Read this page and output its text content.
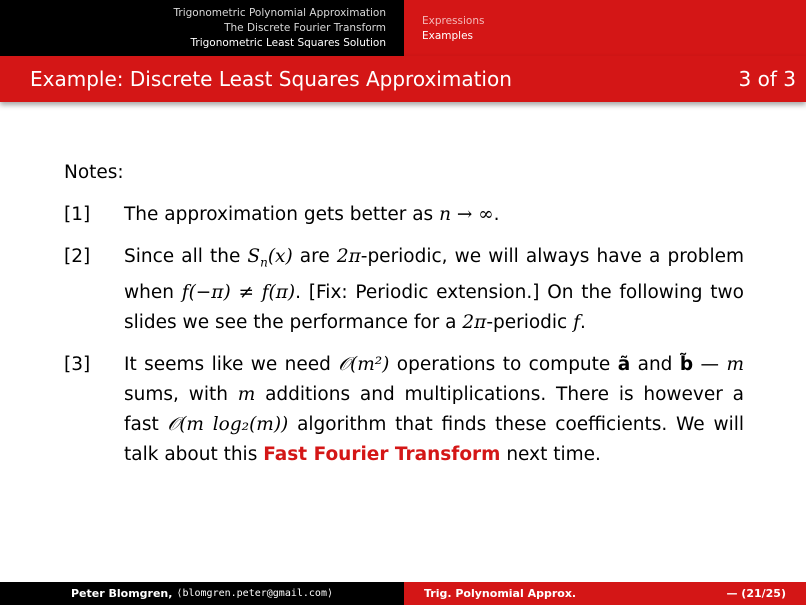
Trigonometric Polynomial Approximation
The Discrete Fourier Transform
Trigonometric Least Squares Solution
Expressions
Examples
Example: Discrete Least Squares Approximation	3 of 3
Notes:
[1]	The approximation gets better as n → ∞.
[2]	Since all the $S_n(x)$ are 2π-periodic, we will always have a problem when f(−π) ≠ f(π). [Fix: Periodic extension.] On the following two slides we see the performance for a 2π-periodic f.
[3]	It seems like we need 𝒪(m²) operations to compute ã and b̃ — m sums, with m additions and multiplications. There is however a fast 𝒪(m log₂(m)) algorithm that finds these coefficients. We will talk about this Fast Fourier Transform next time.
Peter Blomgren, ⟨blomgren.peter@gmail.com⟩	Trig. Polynomial Approx.	— (21/25)
